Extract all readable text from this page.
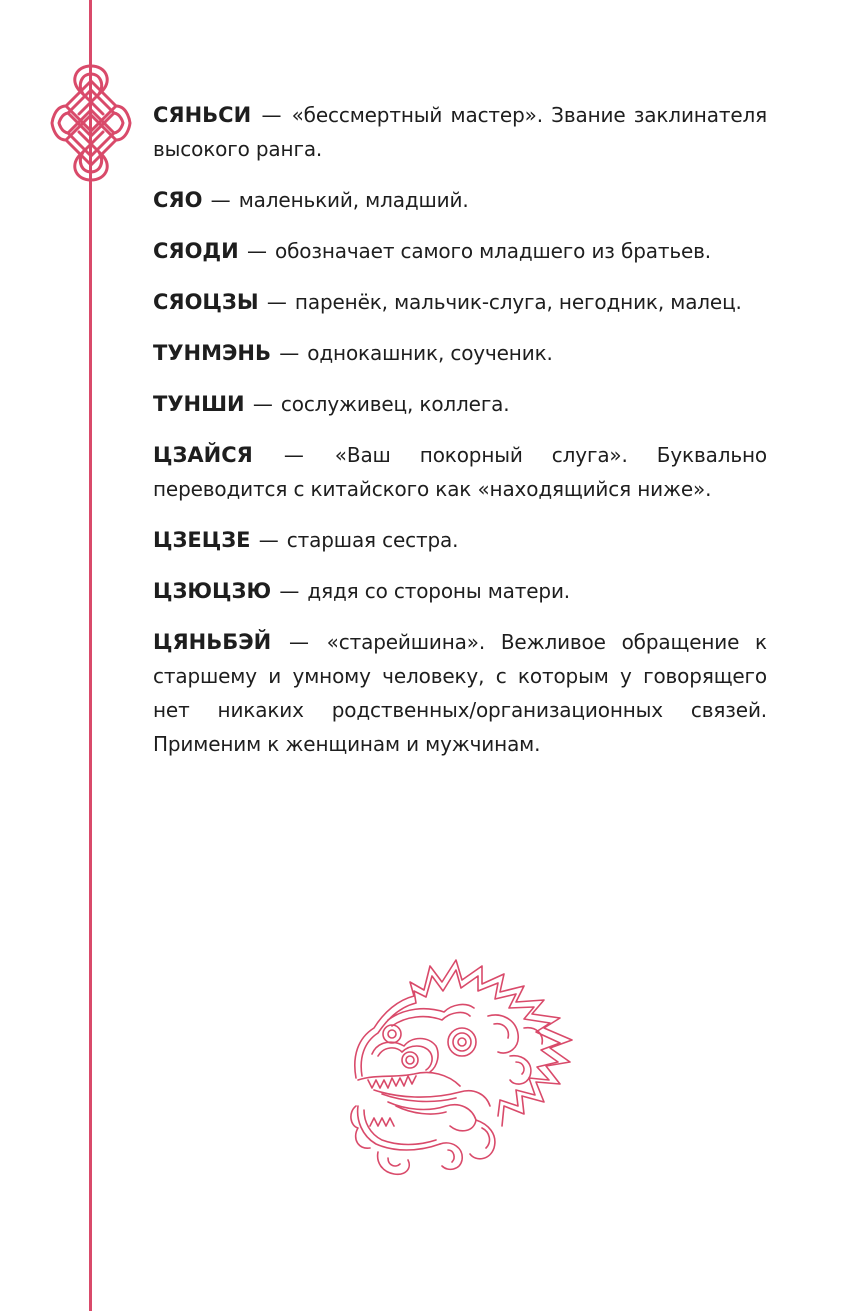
СЯНЬСИ — «бессмертный мастер». Звание заклинателя высокого ранга.
СЯО — маленький, младший.
СЯОДИ — обозначает самого младшего из братьев.
СЯОЦЗЫ — паренёк, мальчик-слуга, негодник, малец.
ТУНМЭНЬ — однокашник, соученик.
ТУНШИ — сослуживец, коллега.
ЦЗАЙСЯ — «Ваш покорный слуга». Буквально переводится с китайского как «находящийся ниже».
ЦЗЕЦЗЕ — старшая сестра.
ЦЗЮЦЗЮ — дядя со стороны матери.
ЦЯНЬБЭЙ — «старейшина». Вежливое обращение к старшему и умному человеку, с которым у говорящего нет никаких родственных/организационных связей. Применим к женщинам и мужчинам.
